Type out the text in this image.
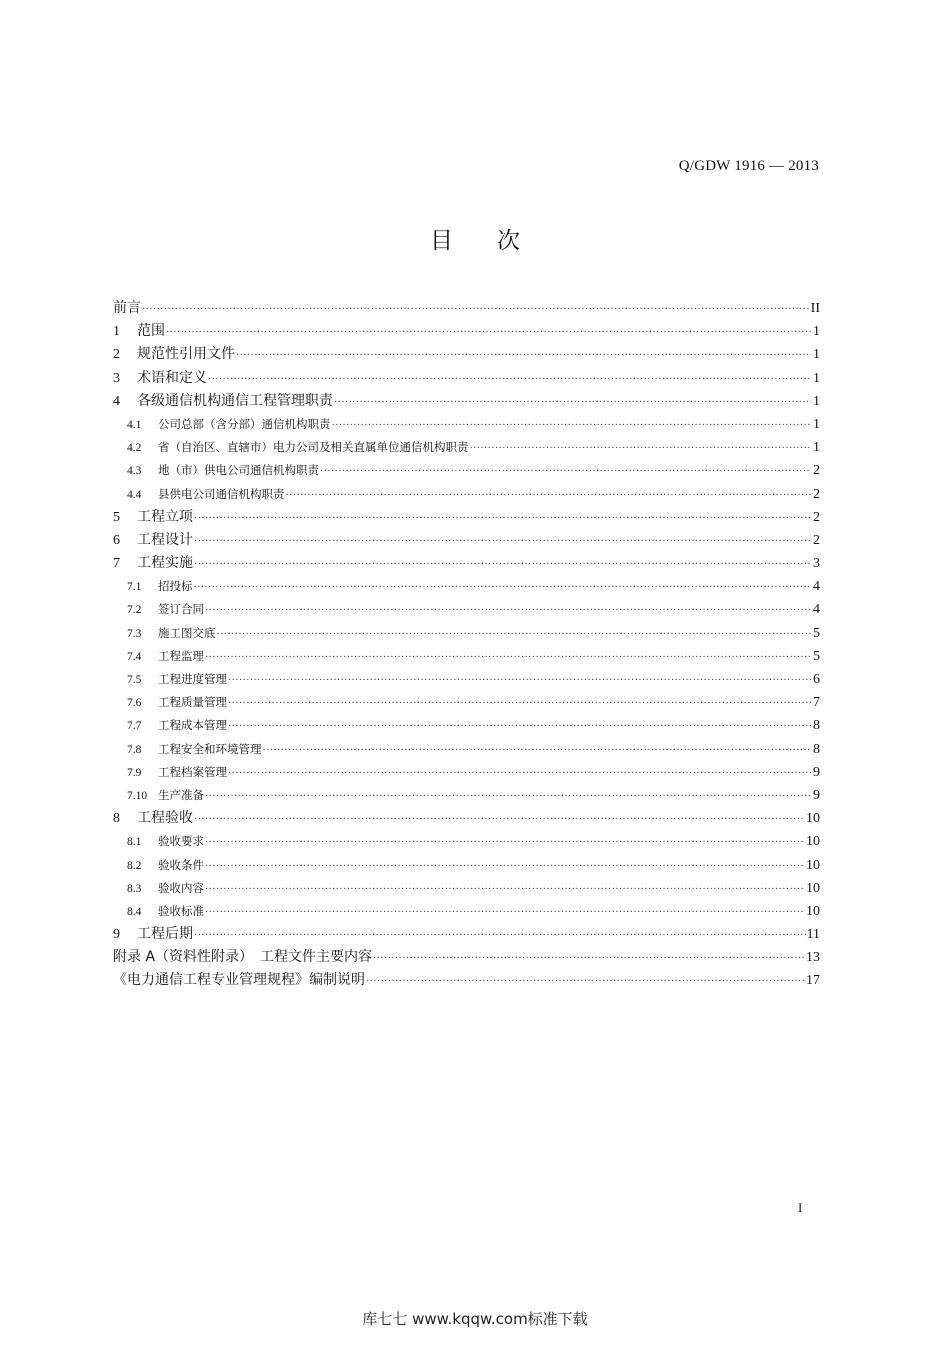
Q/GDW 1916 — 2013
目 次
前言 ·····	II
1	范围 ·····	1
2	规范性引用文件 ·····	1
3	术语和定义 ·····	1
4	各级通信机构通信工程管理职责 ·····	1
4.1	公司总部（含分部）通信机构职责 ·····	1
4.2	省（自治区、直辖市）电力公司及相关直属单位通信机构职责 ·····	1
4.3	地（市）供电公司通信机构职责 ·····	2
4.4	县供电公司通信机构职责 ·····	2
5	工程立项 ·····	2
6	工程设计 ·····	2
7	工程实施 ·····	3
7.1	招投标 ·····	4
7.2	签订合同 ·····	4
7.3	施工图交底 ·····	5
7.4	工程监理 ·····	5
7.5	工程进度管理 ·····	6
7.6	工程质量管理 ·····	7
7.7	工程成本管理 ·····	8
7.8	工程安全和环境管理 ·····	8
7.9	工程档案管理 ·····	9
7.10 生产准备 ·····	9
8	工程验收 ·····	10
8.1	验收要求 ·····	10
8.2	验收条件 ·····	10
8.3	验收内容 ·····	10
8.4	验收标准 ·····	10
9	工程后期 ·····	11
附录 A（资料性附录）　工程文件主要内容 ·····	13
《电力通信工程专业管理规程》编制说明 ·····	17
I
库七七 www.kqqw.com标准下载
